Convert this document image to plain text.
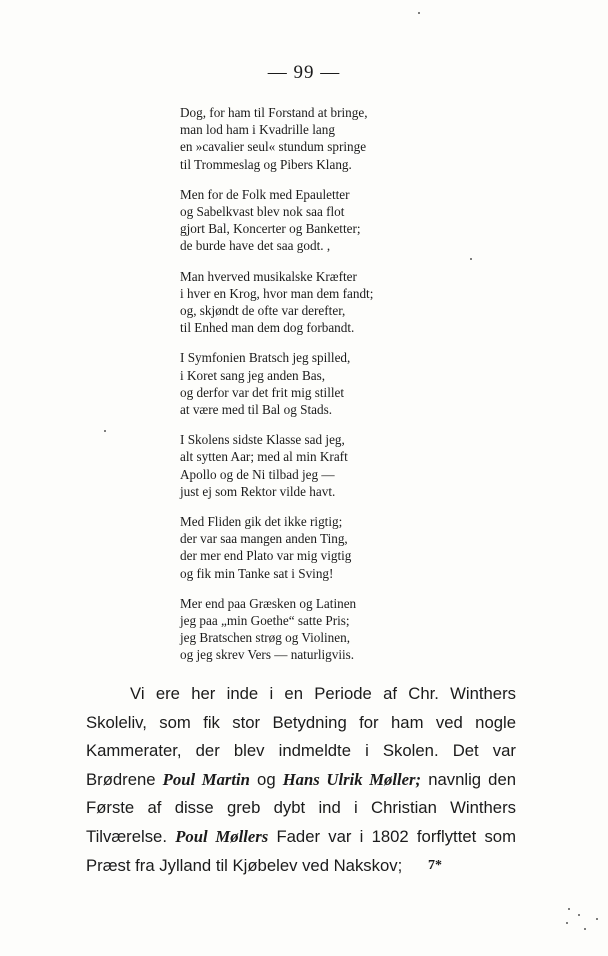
— 99 —
Dog, for ham til Forstand at bringe,
man lod ham i Kvadrille lang
en »cavalier seul« stundum springe
til Trommeslag og Pibers Klang.
Men for de Folk med Epauletter
og Sabelkvast blev nok saa flot
gjort Bal, Koncerter og Banketter;
de burde have det saa godt. ,
Man hverved musikalske Kræfter
i hver en Krog, hvor man dem fandt;
og, skjøndt de ofte var derefter,
til Enhed man dem dog forbandt.
I Symfonien Bratsch jeg spilled,
i Koret sang jeg anden Bas,
og derfor var det frit mig stillet
at være med til Bal og Stads.
I Skolens sidste Klasse sad jeg,
alt sytten Aar; med al min Kraft
Apollo og de Ni tilbad jeg —
just ej som Rektor vilde havt.
Med Fliden gik det ikke rigtig;
der var saa mangen anden Ting,
der mer end Plato var mig vigtig
og fik min Tanke sat i Sving!
Mer end paa Græsken og Latinen
jeg paa „min Goethe“ satte Pris;
jeg Bratschen strøg og Violinen,
og jeg skrev Vers — naturligviis.

Vi ere her inde i en Periode af Chr. Winthers Skoleliv, som fik stor Betydning for ham ved nogle Kammerater, der blev indmeldte i Skolen. Det var Brødrene Poul Martin og Hans Ulrik Møller; navnlig den Første af disse greb dybt ind i Christian Winthers Tilværelse. Poul Møllers Fader var i 1802 forflyttet som Præst fra Jylland til Kjøbelev ved Nakskov;	7*
